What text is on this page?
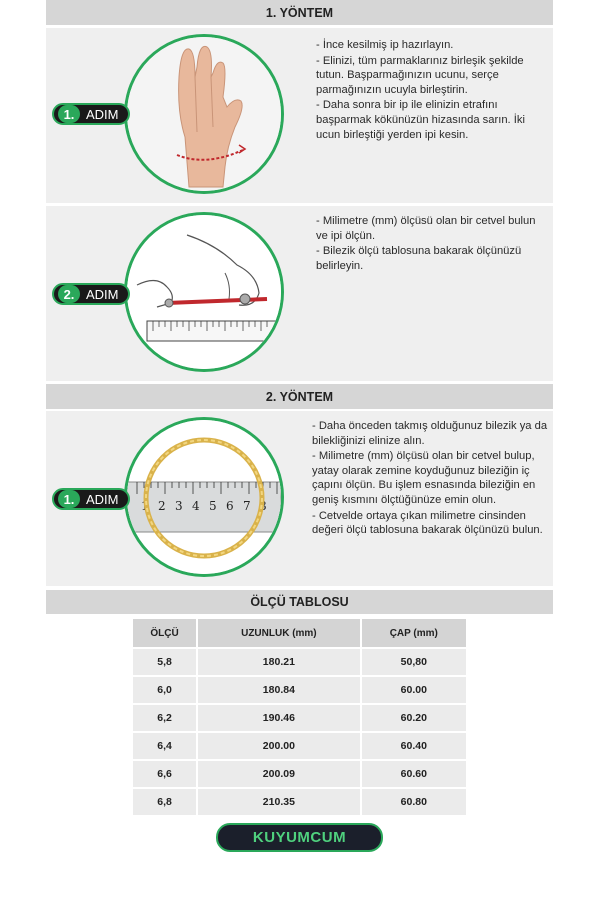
1. YÖNTEM
1. ADIM

- İnce kesilmiş ip hazırlayın.

- Elinizi, tüm parmaklarınız birleşik şekilde tutun. Başparmağınızın ucunu, serçe parmağınızın ucuyla birleştirin.

- Daha sonra bir ip ile elinizin etrafını başparmak kökünüzün hizasında sarın. İki ucun birleştiği yerden ipi kesin.

2. ADIM

- Milimetre (mm) ölçüsü olan bir cetvel bulun ve ipi ölçün.

- Bilezik ölçü tablosuna bakarak ölçünüzü belirleyin.

2. YÖNTEM
1 2 3 4 5 6 7 8
1. ADIM

- Daha önceden takmış olduğunuz bilezik ya da bilekliğinizi elinize alın.

- Milimetre (mm) ölçüsü olan bir cetvel bulup, yatay olarak zemine koyduğunuz bileziğin iç çapını ölçün. Bu işlem esnasında bileziğin en geniş kısmını ölçtüğünüze emin olun.

- Cetvelde ortaya çıkan milimetre cinsinden değeri ölçü tablosuna bakarak ölçünüzü bulun.

ÖLÇÜ TABLOSU
ÖLÇÜ	UZUNLUK (mm)	ÇAP (mm)
5,8	180.21	50,80
6,0	180.84	60.00
6,2	190.46	60.20
6,4	200.00	60.40
6,6	200.09	60.60
6,8	210.35	60.80
KUYUMCUM
